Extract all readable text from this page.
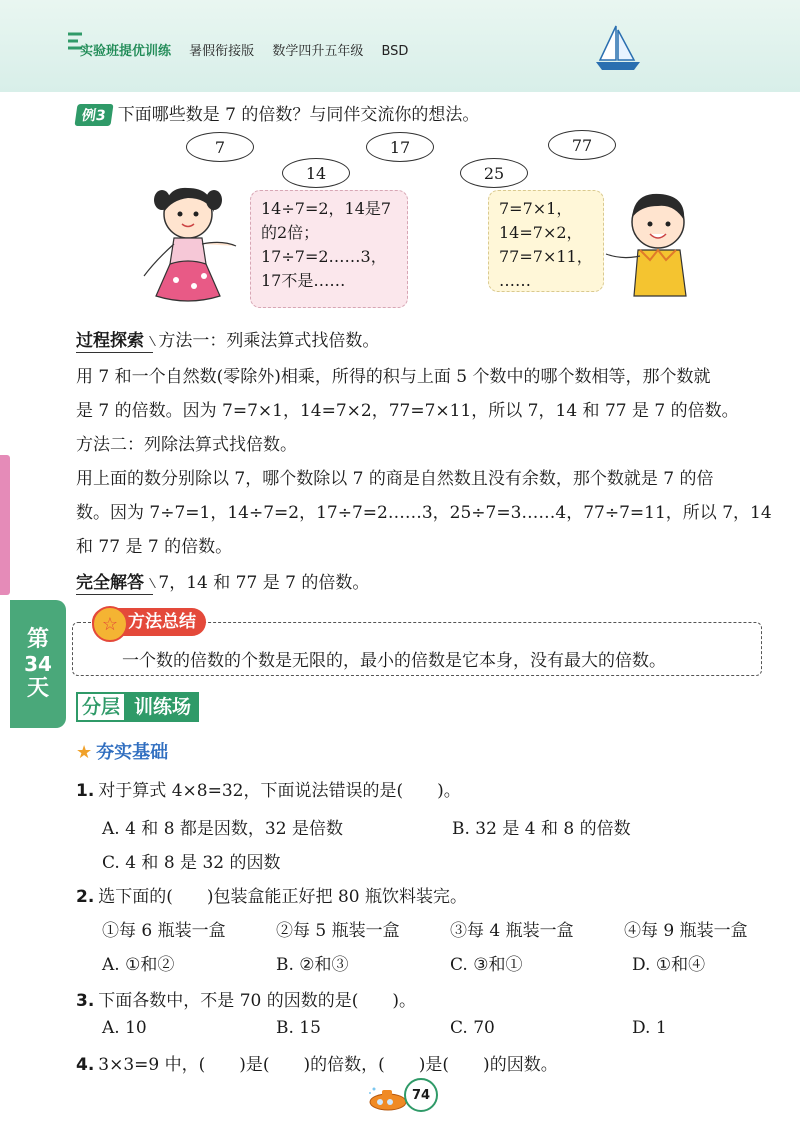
实验班提优训练 暑假衔接版 数学四升五年级 BSD
第
34
天
例3 下面哪些数是 7 的倍数？与同伴交流你的想法。
7
14
17
25
77
14÷7=2，14是7
的2倍；
17÷7=2……3，
17不是……
7=7×1，
14=7×2，
77=7×11，
……
过程探索 方法一：列乘法算式找倍数。
用 7 和一个自然数(零除外)相乘，所得的积与上面 5 个数中的哪个数相等，那个数就
是 7 的倍数。因为 7=7×1，14=7×2，77=7×11，所以 7，14 和 77 是 7 的倍数。
方法二：列除法算式找倍数。
用上面的数分别除以 7，哪个数除以 7 的商是自然数且没有余数，那个数就是 7 的倍
数。因为 7÷7=1，14÷7=2，17÷7=2……3，25÷7=3……4，77÷7=11，所以 7，14
和 77 是 7 的倍数。
完全解答 7，14 和 77 是 7 的倍数。
方法总结
☆
一个数的倍数的个数是无限的，最小的倍数是它本身，没有最大的倍数。
分层 训练场
★ 夯实基础
1. 对于算式 4×8=32，下面说法错误的是(　　)。
A. 4 和 8 都是因数，32 是倍数	B. 32 是 4 和 8 的倍数
C. 4 和 8 是 32 的因数
2. 选下面的(　　)包装盒能正好把 80 瓶饮料装完。
①每 6 瓶装一盒	②每 5 瓶装一盒	③每 4 瓶装一盒	④每 9 瓶装一盒
A. ①和②	B. ②和③	C. ③和①	D. ①和④
3. 下面各数中，不是 70 的因数的是(　　)。
A. 10	B. 15	C. 70	D. 1
4. 3×3=9 中，(　　)是(　　)的倍数，(　　)是(　　)的因数。
74
